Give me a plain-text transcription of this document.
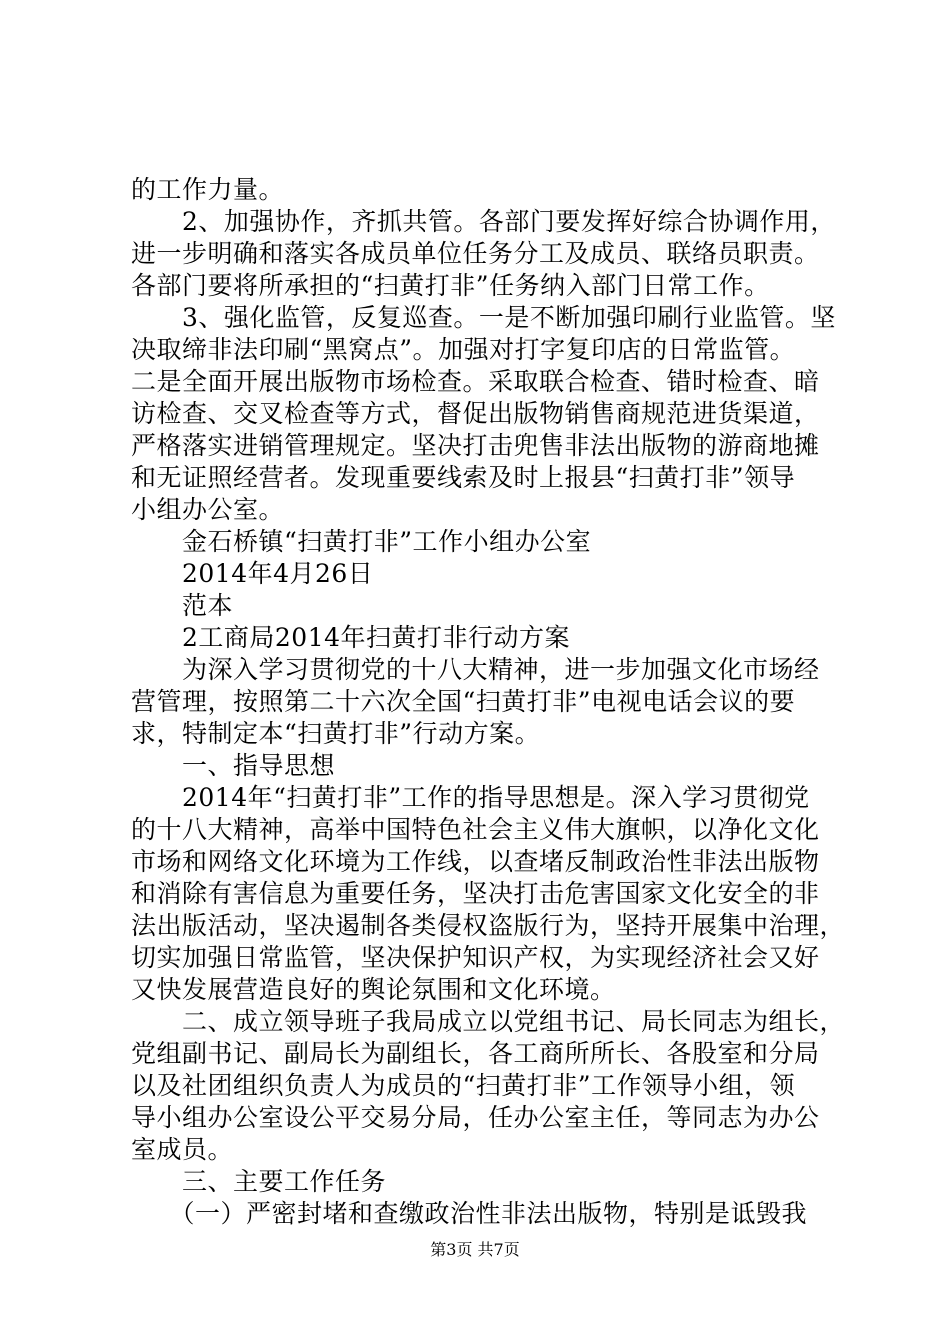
的工作力量。
　　2、加强协作，齐抓共管。各部门要发挥好综合协调作用，
进一步明确和落实各成员单位任务分工及成员、联络员职责。
各部门要将所承担的“扫黄打非”任务纳入部门日常工作。
　　3、强化监管，反复巡查。一是不断加强印刷行业监管。坚
决取缔非法印刷“黑窝点”。加强对打字复印店的日常监管。
二是全面开展出版物市场检查。采取联合检查、错时检查、暗
访检查、交叉检查等方式，督促出版物销售商规范进货渠道，
严格落实进销管理规定。坚决打击兜售非法出版物的游商地摊
和无证照经营者。发现重要线索及时上报县“扫黄打非”领导
小组办公室。
　　金石桥镇“扫黄打非”工作小组办公室
　　2014年4月26日
　　范本
　　2工商局2014年扫黄打非行动方案
　　为深入学习贯彻党的十八大精神，进一步加强文化市场经
营管理，按照第二十六次全国“扫黄打非”电视电话会议的要
求，特制定本“扫黄打非”行动方案。
　　一、指导思想
　　2014年“扫黄打非”工作的指导思想是。深入学习贯彻党
的十八大精神，高举中国特色社会主义伟大旗帜，以净化文化
市场和网络文化环境为工作线，以查堵反制政治性非法出版物
和消除有害信息为重要任务，坚决打击危害国家文化安全的非
法出版活动，坚决遏制各类侵权盗版行为，坚持开展集中治理，
切实加强日常监管，坚决保护知识产权，为实现经济社会又好
又快发展营造良好的舆论氛围和文化环境。
　　二、成立领导班子我局成立以党组书记、局长同志为组长，
党组副书记、副局长为副组长，各工商所所长、各股室和分局
以及社团组织负责人为成员的“扫黄打非”工作领导小组，领
导小组办公室设公平交易分局，任办公室主任，等同志为办公
室成员。
　　三、主要工作任务
　　（一）严密封堵和查缴政治性非法出版物，特别是诋毁我
第3页 共7页
